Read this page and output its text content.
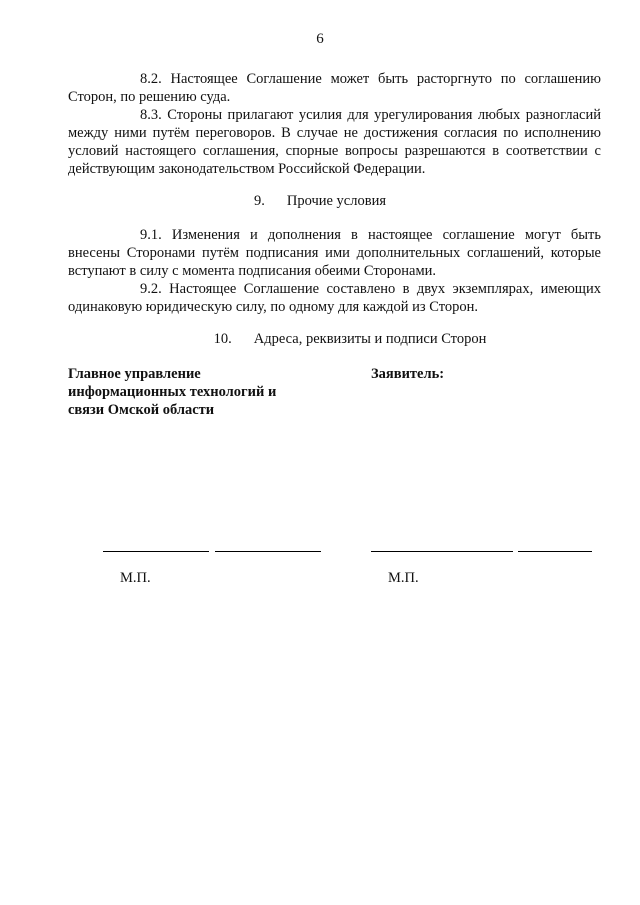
6

8.2. Настоящее Соглашение может быть расторгнуто по соглашению Сторон, по решению суда.

8.3. Стороны прилагают усилия для урегулирования любых разногласий между ними путём переговоров. В случае не достижения согласия по исполнению условий настоящего соглашения, спорные вопросы разрешаются в соответствии с действующим законодательством Российской Федерации.

9. Прочие условия

9.1. Изменения и дополнения в настоящее соглашение могут быть внесены Сторонами путём подписания ими дополнительных соглашений, которые вступают в силу с момента подписания обеими Сторонами.

9.2. Настоящее Соглашение составлено в двух экземплярах, имеющих одинаковую юридическую силу, по одному для каждой из Сторон.

10. Адреса, реквизиты и подписи Сторон
Главное управление
информационных технологий и
связи Омской области
Заявитель:
М.П.	М.П.
